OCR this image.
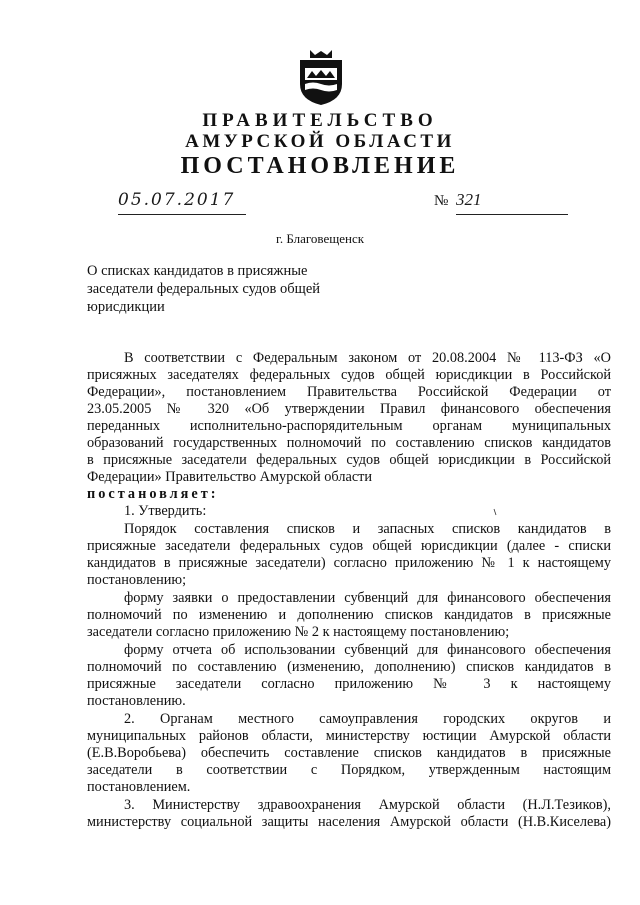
ПРАВИТЕЛЬСТВО
АМУРСКОЙ ОБЛАСТИ
ПОСТАНОВЛЕНИЕ
05.07.2017	№ 321
г. Благовещенск
О списках кандидатов в присяжные заседатели федеральных судов общей юрисдикции
В соответствии с Федеральным законом от 20.08.2004 № 113-ФЗ «О
присяжных заседателях федеральных судов общей юрисдикции в Российской
Федерации», постановлением Правительства Российской Федерации от
23.05.2005 № 320 «Об утверждении Правил финансового обеспечения
переданных исполнительно-распорядительным органам муниципальных
образований государственных полномочий по составлению списков кандидатов
в присяжные заседатели федеральных судов общей юрисдикции в Российской
Федерации» Правительство Амурской области
постановляет:
1. Утвердить:
Порядок составления списков и запасных списков кандидатов в
присяжные заседатели федеральных судов общей юрисдикции (далее - списки
кандидатов в присяжные заседатели) согласно приложению № 1 к настоящему
постановлению;
форму заявки о предоставлении субвенций для финансового обеспечения
полномочий по изменению и дополнению списков кандидатов в присяжные
заседатели согласно приложению № 2 к настоящему постановлению;
форму отчета об использовании субвенций для финансового обеспечения
полномочий по составлению (изменению, дополнению) списков кандидатов в
присяжные заседатели согласно приложению № 3 к настоящему
постановлению.
2. Органам местного самоуправления городских округов и
муниципальных районов области, министерству юстиции Амурской области
(Е.В.Воробьева) обеспечить составление списков кандидатов в присяжные
заседатели в соответствии с Порядком, утвержденным настоящим
постановлением.
3. Министерству здравоохранения Амурской области (Н.Л.Тезиков),
министерству социальной защиты населения Амурской области (Н.В.Киселева)
